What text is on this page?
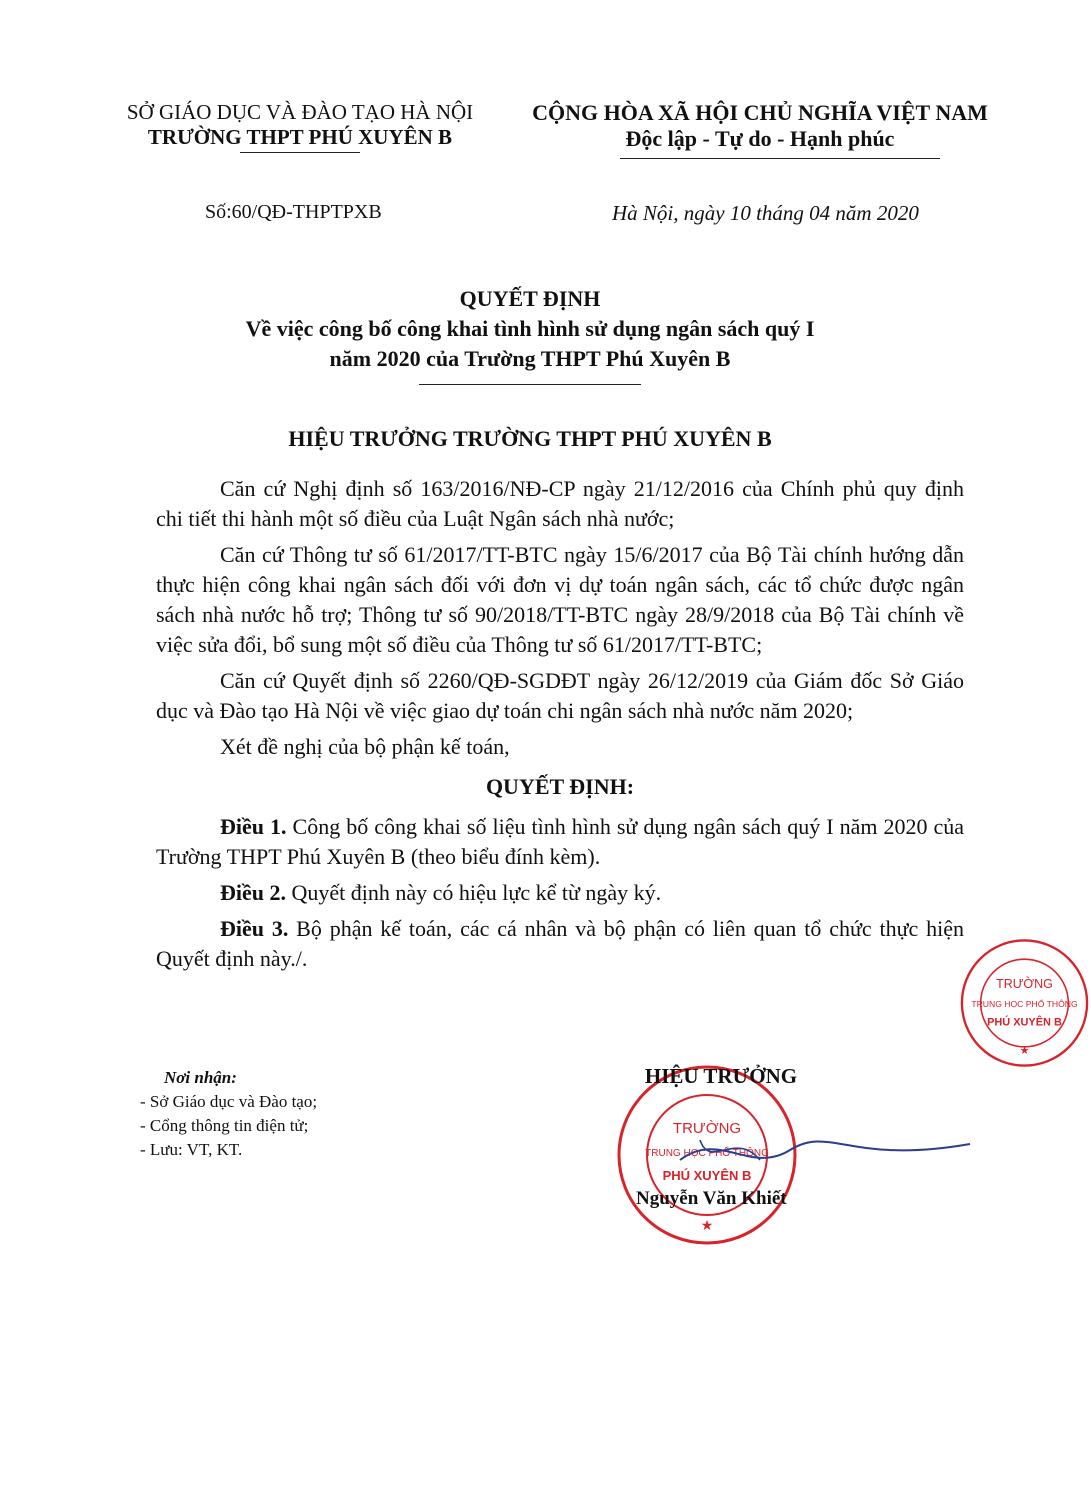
SỞ GIÁO DỤC VÀ ĐÀO TẠO HÀ NỘI
TRƯỜNG THPT PHÚ XUYÊN B
CỘNG HÒA XÃ HỘI CHỦ NGHĨA VIỆT NAM
Độc lập - Tự do - Hạnh phúc
Số:60/QĐ-THPTPXB	Hà Nội, ngày 10 tháng 04 năm 2020
QUYẾT ĐỊNH
Về việc công bố công khai tình hình sử dụng ngân sách quý I
năm 2020 của Trường THPT Phú Xuyên B
HIỆU TRƯỞNG TRƯỜNG THPT PHÚ XUYÊN B

Căn cứ Nghị định số 163/2016/NĐ-CP ngày 21/12/2016 của Chính phủ quy định chi tiết thi hành một số điều của Luật Ngân sách nhà nước;

Căn cứ Thông tư số 61/2017/TT-BTC ngày 15/6/2017 của Bộ Tài chính hướng dẫn thực hiện công khai ngân sách đối với đơn vị dự toán ngân sách, các tổ chức được ngân sách nhà nước hỗ trợ; Thông tư số 90/2018/TT-BTC ngày 28/9/2018 của Bộ Tài chính về việc sửa đổi, bổ sung một số điều của Thông tư số 61/2017/TT-BTC;

Căn cứ Quyết định số 2260/QĐ-SGDĐT ngày 26/12/2019 của Giám đốc Sở Giáo dục và Đào tạo Hà Nội về việc giao dự toán chi ngân sách nhà nước năm 2020;

Xét đề nghị của bộ phận kế toán,

QUYẾT ĐỊNH:

Điều 1. Công bố công khai số liệu tình hình sử dụng ngân sách quý I năm 2020 của Trường THPT Phú Xuyên B (theo biểu đính kèm).

Điều 2. Quyết định này có hiệu lực kể từ ngày ký.

Điều 3. Bộ phận kế toán, các cá nhân và bộ phận có liên quan tổ chức thực hiện Quyết định này./.

Nơi nhận:
- Sở Giáo dục và Đào tạo;
- Cổng thông tin điện tử;
- Lưu: VT, KT.
TRƯỜNG
TRUNG HỌC PHỔ THÔNG
PHÚ XUYÊN B
★
TRƯỜNG
TRUNG HỌC PHỔ THÔNG
PHÚ XUYÊN B
★
HIỆU TRƯỞNG
Nguyễn Văn Khiết
